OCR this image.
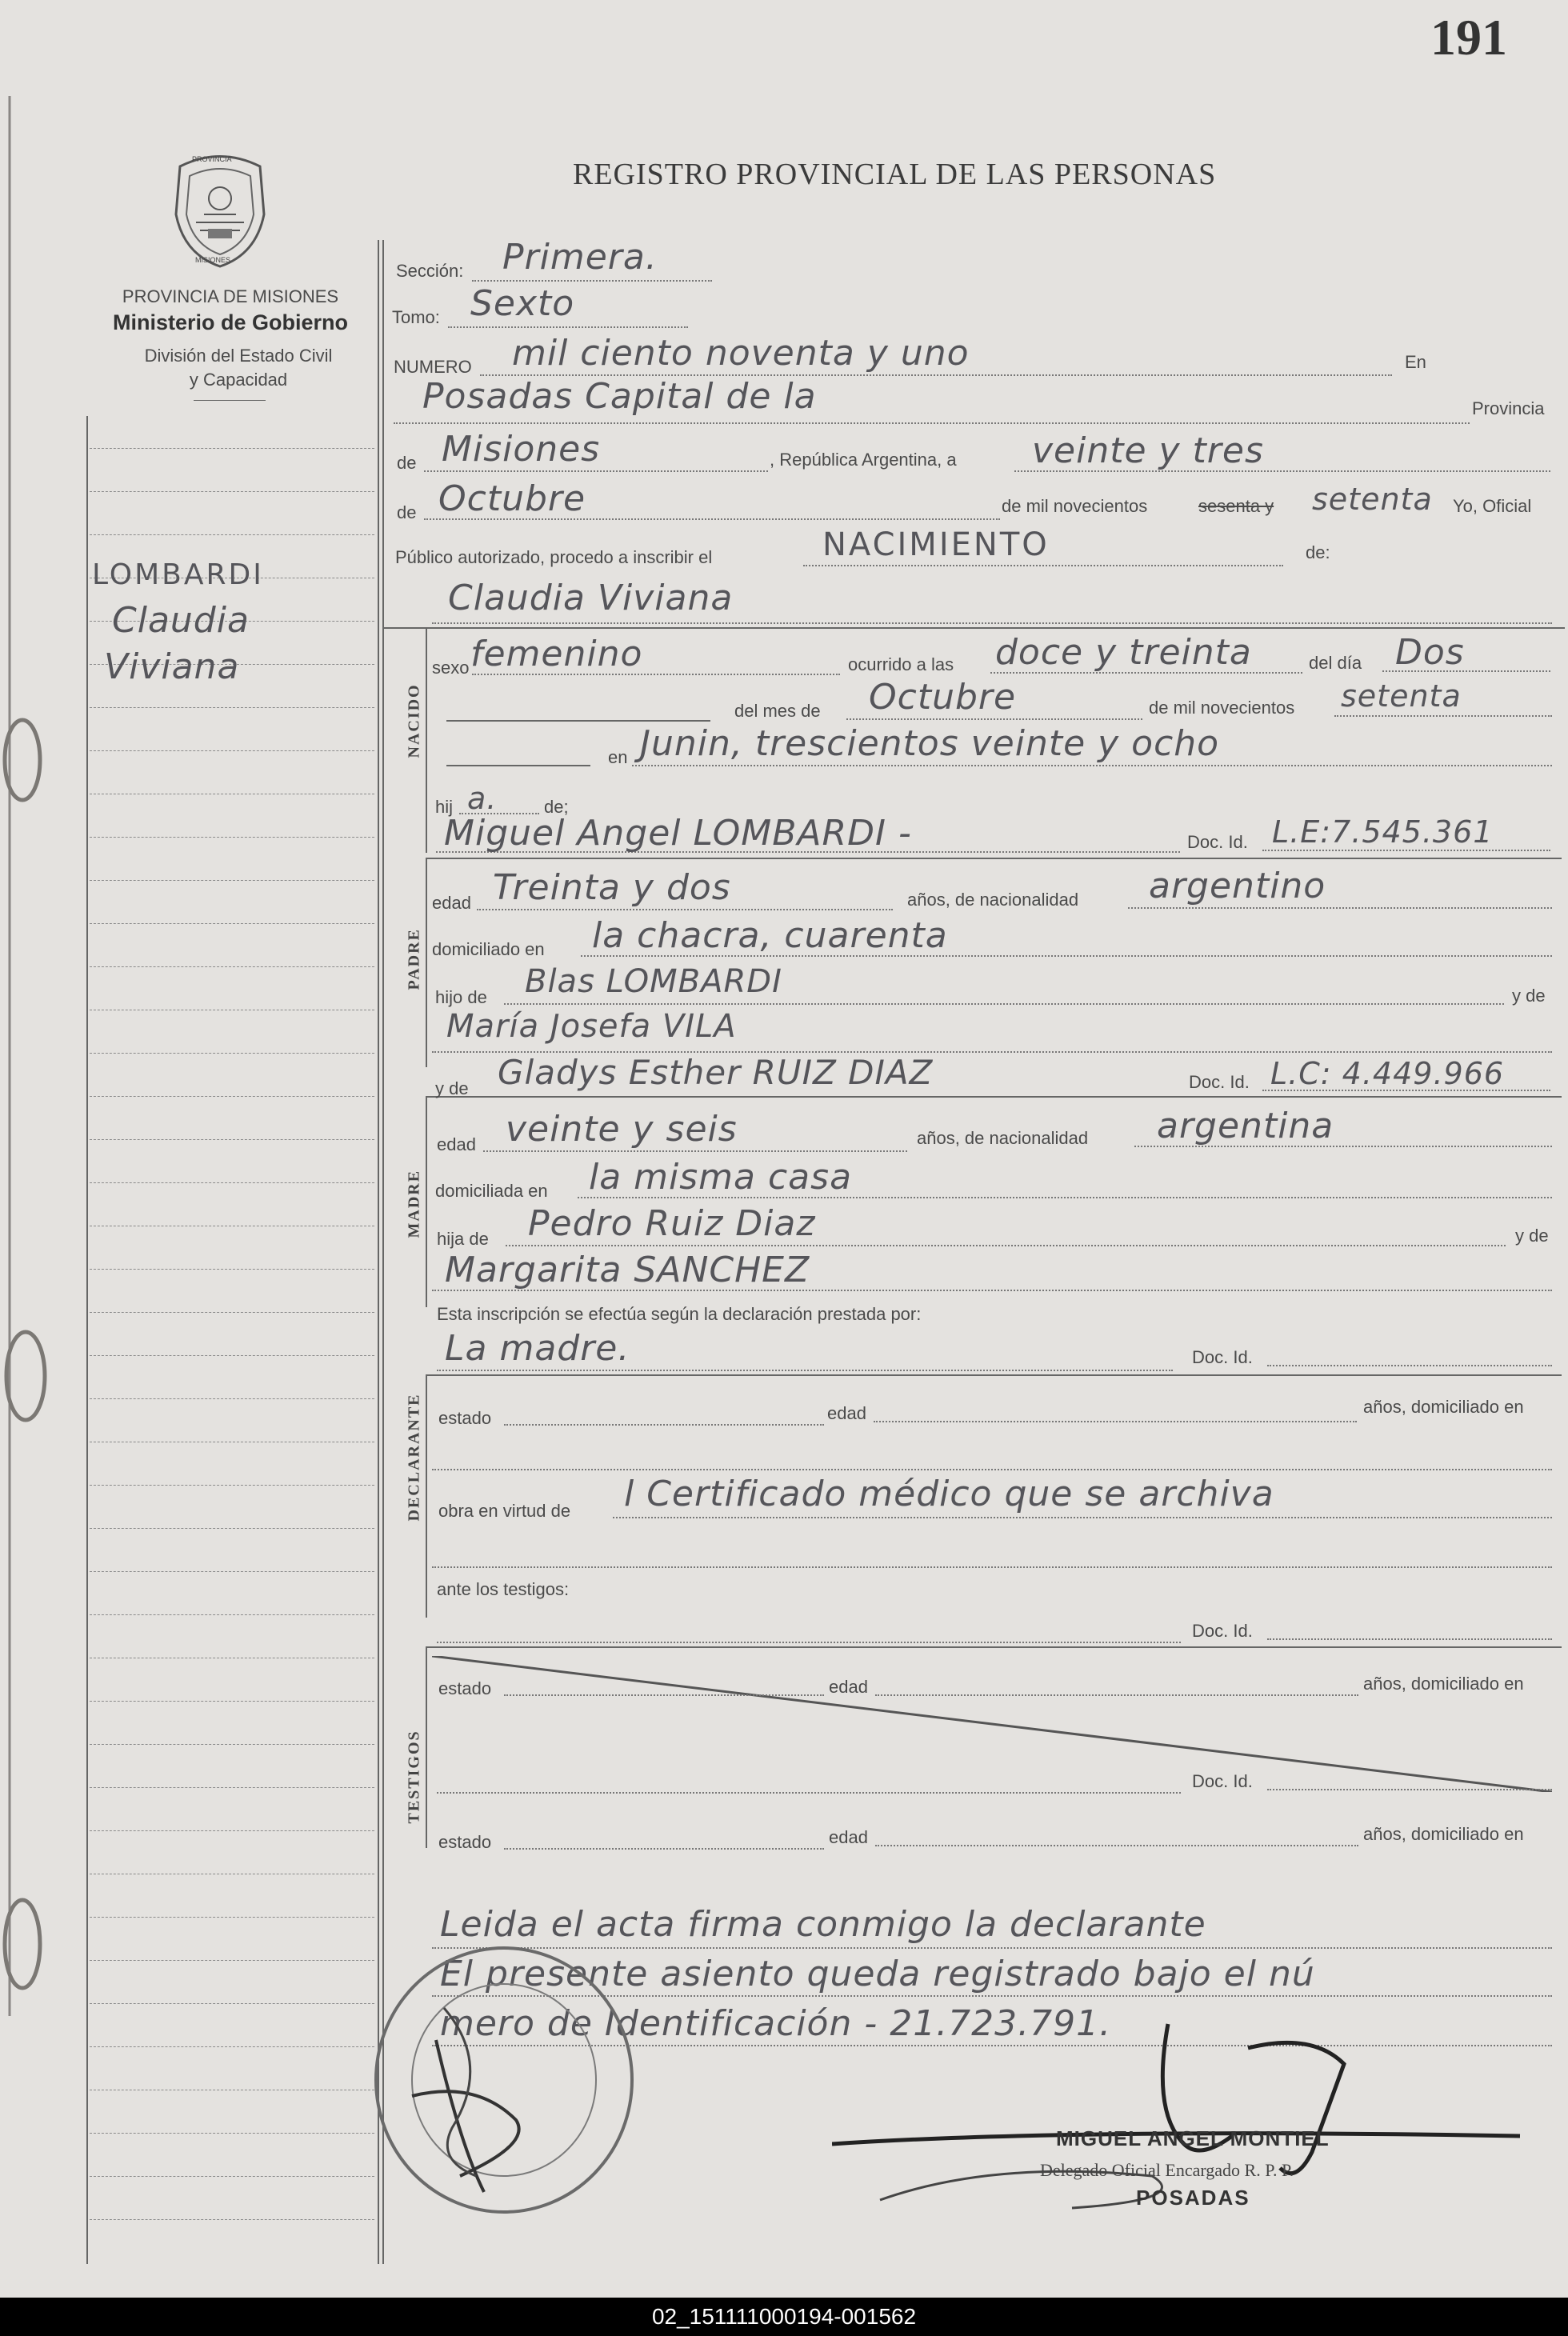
191
PROVINCIA
MISIONES
PROVINCIA DE MISIONES
Ministerio de Gobierno
División del Estado Civil
y Capacidad
REGISTRO PROVINCIAL DE LAS PERSONAS
LOMBARDI
Claudia
Viviana
Sección: Primera.
Tomo: Sexto
NUMERO mil ciento noventa y uno	En
Posadas Capital de la	Provincia
de Misiones	, República Argentina, a veinte y tres
de Octubre	de mil novecientos	sesenta y setenta Yo, Oficial
Público autorizado, procedo a inscribir el	NACIMIENTO	de:
Claudia Viviana
NACIDO
sexo femenino	ocurrido a las doce y treinta	del día Dos
del mes de Octubre	de mil novecientos setenta
en Junin, trescientos veinte y ocho
hij a.	de;
Miguel Angel LOMBARDI -	Doc. Id. L.E:7.545.361
PADRE
edad Treinta y dos	años, de nacionalidad argentino
domiciliado en la chacra, cuarenta
hijo de Blas LOMBARDI	y de
María Josefa VILA
y de Gladys Esther RUIZ DIAZ	Doc. Id. L.C: 4.449.966
MADRE
edad veinte y seis	años, de nacionalidad argentina
domiciliada en la misma casa
hija de Pedro Ruiz Diaz	y de
Margarita SANCHEZ
Esta inscripción se efectúa según la declaración prestada por:
La madre.	Doc. Id.
DECLARANTE estado	edad	años, domiciliado en
obra en virtud de l Certificado médico que se archiva
ante los testigos:
Doc. Id.
TESTIGOS
estado	edad	años, domiciliado en
Doc. Id.
estado	edad	años, domiciliado en
Leida el acta firma conmigo la declarante
El presente asiento queda registrado bajo el nú
mero de Identificación - 21.723.791.
MIGUEL ANGEL MONTIEL
Delegado Oficial Encargado R. P. P.
POSADAS
02_151111000194-001562
